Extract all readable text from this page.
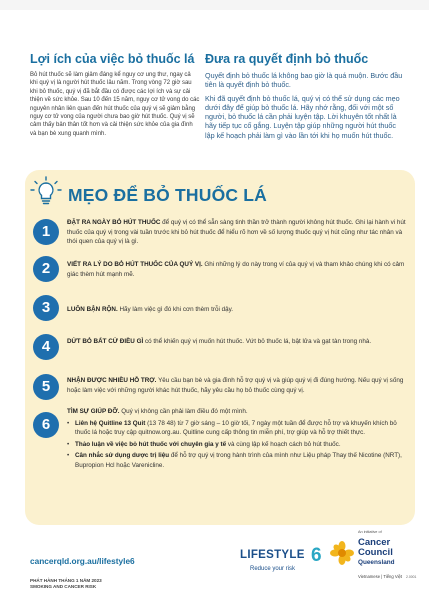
Lợi ích của việc bỏ thuốc lá

Bỏ hút thuốc sẽ làm giảm đáng kể nguy cơ ung thư, ngay cả khi quý vị là người hút thuốc lâu năm. Trong vòng 72 giờ sau khi bỏ thuốc, quý vị đã bắt đầu có được các lợi ích và sự cải thiện về sức khỏe. Sau 10 đến 15 năm, nguy cơ tử vong do các nguyên nhân liên quan đến hút thuốc của quý vị sẽ giảm bằng nguy cơ tử vong của người chưa bao giờ hút thuốc. Quý vị sẽ cảm thấy bản thân tốt hơn và cải thiện sức khỏe của gia đình và bạn bè xung quanh mình.

Đưa ra quyết định bỏ thuốc

Quyết định bỏ thuốc lá không bao giờ là quá muộn. Bước đầu tiên là quyết định bỏ thuốc.

Khi đã quyết định bỏ thuốc lá, quý vị có thể sử dụng các mẹo dưới đây để giúp bỏ thuốc lá. Hãy nhớ rằng, đối với một số người, bỏ thuốc lá cần phải luyện tập. Lời khuyên tốt nhất là hãy tiếp tục cố gắng. Luyện tập giúp những người hút thuốc lập kế hoạch phải làm gì vào lần tới khi họ muốn hút thuốc.

MẸO ĐỂ BỎ THUỐC LÁ
1
ĐẶT RA NGÀY BỎ HÚT THUỐC để quý vị có thể sẵn sàng tinh thần trở thành người không hút thuốc. Ghi lại hành vi hút thuốc của quý vị trong vài tuần trước khi bỏ hút thuốc để hiểu rõ hơn về số lượng thuốc quý vị hút cũng như tác nhân và thói quen của quý vị là gì.
2	VIẾT RA LÝ DO BỎ HÚT THUỐC CỦA QUÝ VỊ. Ghi những lý do này trong ví của quý vị và tham khảo chúng khi có cảm giác thèm hút mạnh mẽ.
3	LUÔN BẬN RỘN. Hãy làm việc gì đó khi cơn thèm trỗi dậy.
4	DỨT BỎ BẤT CỨ ĐIỀU GÌ có thể khiến quý vị muốn hút thuốc. Vứt bỏ thuốc lá, bật lửa và gạt tàn trong nhà.
5	NHẬN ĐƯỢC NHIỀU HỖ TRỢ. Yêu cầu bạn bè và gia đình hỗ trợ quý vị và giúp quý vị đi đúng hướng. Nếu quý vị sống hoặc làm việc với những người khác hút thuốc, hãy yêu cầu họ bỏ thuốc cùng quý vị.
6
TÌM SỰ GIÚP ĐỠ. Quý vị không cần phải làm điều đó một mình.
• Liên hệ Quitline 13 Quit (13 78 48) từ 7 giờ sáng – 10 giờ tối, 7 ngày một tuần để được hỗ trợ và khuyến khích bỏ thuốc lá hoặc truy cập quitnow.org.au. Quitline cung cấp thông tin miễn phí, trợ giúp và hỗ trợ thiết thực.
• Thảo luận về việc bỏ hút thuốc với chuyên gia y tế và cùng lập kế hoạch cách bỏ hút thuốc.
• Cân nhắc sử dụng dược trị liệu để hỗ trợ quý vị trong hành trình của mình như Liệu pháp Thay thế Nicotine (NRT), Bupropion Hcl hoặc Varenicline.
cancerqld.org.au/lifestyle6
PHÁT HÀNH THÁNG 1 NĂM 2023
SMOKING AND CANCER RISK
LIFESTYLE 6
Reduce your risk
An initiative of
Cancer
Council
Queensland
Vietnamese | Tiếng Việt 2.0001
